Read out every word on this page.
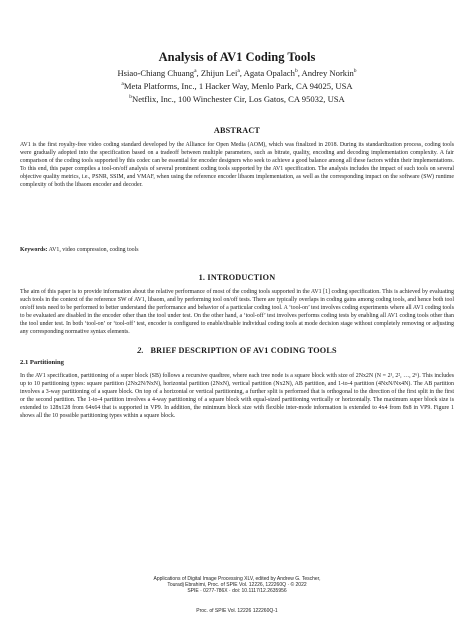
Analysis of AV1 Coding Tools
Hsiao-Chiang Chuang$^a$, Zhijun Lei$^a$, Agata Opalach$^b$, Andrey Norkin$^b$
$^a$Meta Platforms, Inc., 1 Hacker Way, Menlo Park, CA 94025, USA
$^b$Netflix, Inc., 100 Winchester Cir, Los Gatos, CA 95032, USA
ABSTRACT
AV1 is the first royalty-free video coding standard developed by the Alliance for Open Media (AOM), which was finalized in 2018. During its standardization process, coding tools were gradually adopted into the specification based on a tradeoff between multiple parameters, such as bitrate, quality, encoding and decoding implementation complexity. A fair comparison of the coding tools supported by this codec can be essential for encoder designers who seek to achieve a good balance among all these factors within their implementations. To this end, this paper compiles a tool-on/off analysis of several prominent coding tools supported by the AV1 specification. The analysis includes the impact of such tools on several objective quality metrics, i.e., PSNR, SSIM, and VMAF, when using the reference encoder libaom implementation, as well as the corresponding impact on the software (SW) runtime complexity of both the libaom encoder and decoder.
Keywords: AV1, video compression, coding tools
1. INTRODUCTION
The aim of this paper is to provide information about the relative performance of most of the coding tools supported in the AV1 [1] coding specification. This is achieved by evaluating such tools in the context of the reference SW of AV1, libaom, and by performing tool on/off tests. There are typically overlaps in coding gains among coding tools, and hence both tool on/off tests need to be performed to better understand the performance and behavior of a particular coding tool. A ‘tool-on’ test involves coding experiments where all AV1 coding tools to be evaluated are disabled in the encoder other than the tool under test. On the other hand, a ‘tool-off’ test involves performs coding tests by enabling all AV1 coding tools other than the tool under test. In both ‘tool-on’ or ‘tool-off’ test, encoder is configured to enable/disable individual coding tools at mode decision stage without completely removing or adjusting any corresponding normative syntax elements.
2. BRIEF DESCRIPTION OF AV1 CODING TOOLS
2.1 Partitioning
In the AV1 specification, partitioning of a super block (SB) follows a recursive quadtree, where each tree node is a square block with size of 2Nx2N (N = 2¹, 2², …, 2⁶). This includes up to 10 partitioning types: square partition (2Nx2N/NxN), horizontal partition (2NxN), vertical partition (Nx2N), AB partition, and 1-to-4 partition (4NxN/Nx4N). The AB partition involves a 3-way partitioning of a square block. On top of a horizontal or vertical partitioning, a further split is performed that is orthogonal to the direction of the first split in the first or the second partition. The 1-to-4 partition involves a 4-way partitioning of a square block with equal-sized partitioning vertically or horizontally. The maximum super block size is extended to 128x128 from 64x64 that is supported in VP9. In addition, the minimum block size with flexible inter-mode information is extended to 4x4 from 8x8 in VP9. Figure 1 shows all the 10 possible partitioning types within a square block.
Applications of Digital Image Processing XLV, edited by Andrew G. Tescher,
Touradj Ebrahimi, Proc. of SPIE Vol. 12226, 122260Q · © 2022
SPIE · 0277-786X · doi: 10.1117/12.2635956
Proc. of SPIE Vol. 12226 122260Q-1
